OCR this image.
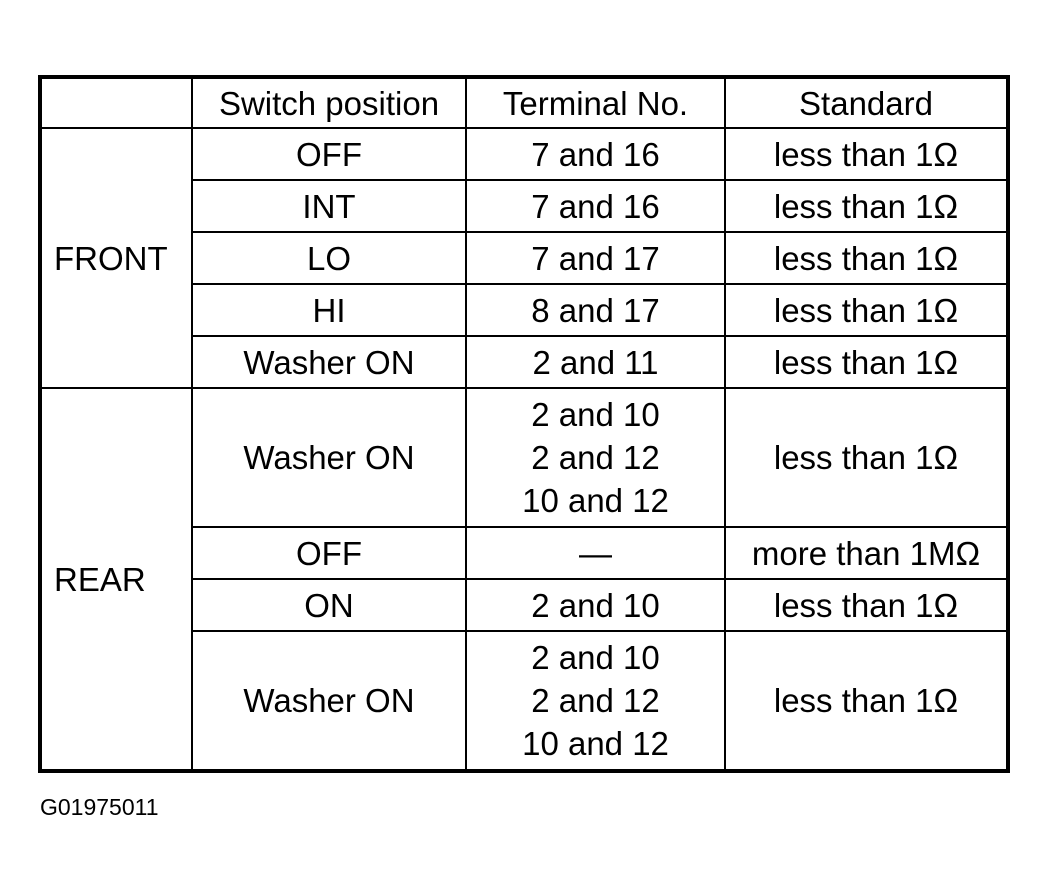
	Switch position	Terminal No.	Standard
FRONT	OFF	7 and 16	less than 1Ω
	INT	7 and 16	less than 1Ω
	LO	7 and 17	less than 1Ω
	HI	8 and 17	less than 1Ω
	Washer ON	2 and 11	less than 1Ω
REAR	Washer ON	2 and 10
2 and 12
10 and 12	less than 1Ω
	OFF	—	more than 1MΩ
	ON	2 and 10	less than 1Ω
	Washer ON	2 and 10
2 and 12
10 and 12	less than 1Ω
G01975011
